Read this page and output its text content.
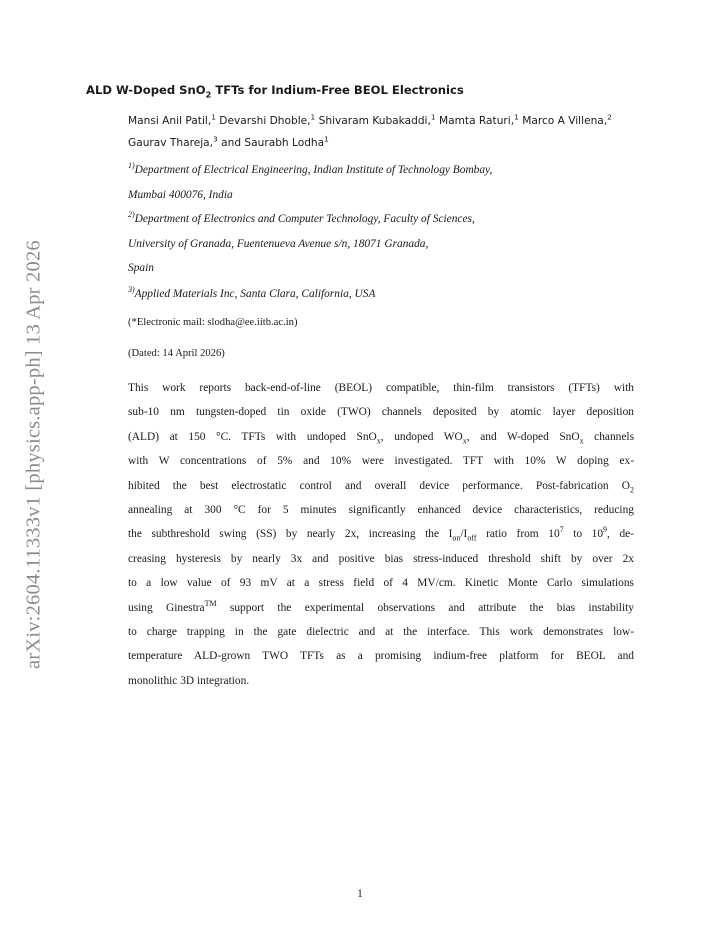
arXiv:2604.11333v1 [physics.app-ph] 13 Apr 2026
ALD W-Doped SnO$_2$ TFTs for Indium-Free BEOL Electronics
Mansi Anil Patil,$^1$ Devarshi Dhoble,$^1$ Shivaram Kubakaddi,$^1$ Mamta Raturi,$^1$ Marco A Villena,$^2$ Gaurav Thareja,$^3$ and Saurabh Lodha$^1$
$^{1)}$Department of Electrical Engineering, Indian Institute of Technology Bombay,
Mumbai 400076, India
$^{2)}$Department of Electronics and Computer Technology, Faculty of Sciences,
University of Granada, Fuentenueva Avenue s/n, 18071 Granada,
Spain
$^{3)}$Applied Materials Inc, Santa Clara, California, USA
(*Electronic mail: slodha@ee.iitb.ac.in)
(Dated: 14 April 2026)
This work reports back-end-of-line (BEOL) compatible, thin-film transistors (TFTs) with
sub-10 nm tungsten-doped tin oxide (TWO) channels deposited by atomic layer deposition
(ALD) at 150 °C. TFTs with undoped SnO$_x$, undoped $WO_x$, and W-doped SnO$_x$ channels
with W concentrations of 5% and 10% were investigated. TFT with 10% W doping ex-
hibited the best electrostatic control and overall device performance. Post-fabrication $O_2$
annealing at 300 °C for 5 minutes significantly enhanced device characteristics, reducing
the subthreshold swing (SS) by nearly 2x, increasing the $I_{on}/I_{off}$ ratio from $10^7$ to $10^9$, de-
creasing hysteresis by nearly 3x and positive bias stress-induced threshold shift by over 2x
to a low value of 93 mV at a stress field of 4 MV/cm. Kinetic Monte Carlo simulations
using Ginestra™ support the experimental observations and attribute the bias instability
to charge trapping in the gate dielectric and at the interface. This work demonstrates low-
temperature ALD-grown TWO TFTs as a promising indium-free platform for BEOL and
monolithic 3D integration.
1
